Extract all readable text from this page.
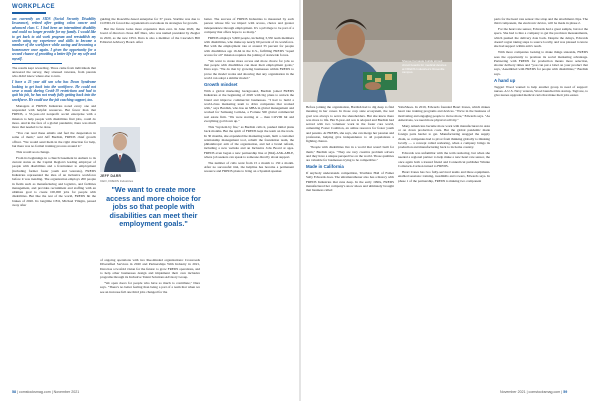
WORKPLACE

am currently an SIDS (Social Security Disability Insurance), retired after getting colon cancer and advanced class C. I had been an intermittent disability and could no longer provide for my family. I would like to get back to aid work program and reestablish my worth using my experience and skills to become a member of the workforce while saving and becoming a homeowner once again. I given the opportunity for a second chance of providing a better life for my wife and myself.

The results kept rewarding. Three came from individuals that answered the survey, they stressed veterans, from parents who didn't know where else to turn.

I have a 25 year old son who has Down Syndrome looking to get back into the workforce. He could not wear a mask during Covid-19 restrictions and had to quit his job, he has not ready fully getting back into the workforce. He could use the job coaching support, too.

Managers at FREDS Industries noted every one and responded with helpful resources. But fewer than that FREDS, a 55-year-old nonprofit social enterprise with a mission to help people with disabilities find jobs, could do more. And in the face of a global pandemic, there was much more that needed to be done.

"You can read these emails and feel the desperation in some of them," said Jeff Bardish, FREDS chief growth officer. "We would send them in the right direction for help, but there was no formal training process around it."

This would soon change.

From its beginnings in a church basement in Auburn to its current status as the Capital Region's leading employer of people with disabilities and a frontrunner to employment (including former foster youth and veterans), FREDS Industries represented the idea of an inclusive workforce before it was trending. The organization employs 200 people in fields such as manufacturing and logistics, and facilities management, and provides recruitment and staffing with an ultimate goal to create 100,000 jobs for people with disabilities. But like the rest of the world, FREDS hit the brakes of 2020. Its longtime CEO, Michael Ymigin, passed away after

guiding the Roseville-based enterprise for 37 years. Starbite was due to COVID-19 forced the organization's reevaluate its strategies for growth.

But the future looks more expansive than ever. In June 2020, the board of directors chose Jeff Dara, who was named president by Ziegler in 2020, as the new CEO. Dara is also a member of the Cascade's Bill Editorial Advisory Board. After

JEFF DARR
CEO, FREDS Industries
"We want to create more access and more choice for jobs so that people with disabilities can meet their employment goals."

of ongoing operations with two like-minded organizations: Crossroads Diversified Services in 2020 and Partnerships With Industry in 2021, Dara has a twofold vision for the future: to grow FREDS operations, and to help other businesses design and implement their own inclusive programs through its Inclusive Talent Solutions Advisory Group.

"We open doors for people who have so much to contribute," Dara says. "There's no better feeling than being a part of a team that when we see an increase full one third jobs changed for the

better. The success of FREDS Industries is measured by each person whose life we impact with access, choice and greater independence through employment. It's a privilege to be part of a company that offers hope to so many."

FREDS employs 5,600 people, including 3,350 team members with disabilities, who make up nearly 60 percent of its workforce. But with the employment rate at around 33 percent for people with disabilities age 16-64 in the U.S., fulfilling FREDS "equal access for all" mission requires the joining of statewide forces.

"We want to create more access and more choice for jobs so that people with disabilities can meet their employment goals," Dara says. "We do that by growing businesses within FREDS to prove the model works and showing that any organization in the world can adopt a similar model."

Growth mindset

With a global marketing background, Bardish joined FREDS Industries at the beginning of 2020 with big plans to unlock the brand and improve commercial businesses. "I had to build a world-class marketing team to drive companies that worked with," says Bardish, who has an MBA in global management and worked for Samsung LatinAs, a Fortune 500 global commercial real estate firm. "We were starting at ... then COVID hit and everything got blown up."

This "layolem by fire," as Bardish calls it, pushed initial plans back months. But the spirit of FREDS kept the team on the track. In 30 months, she expanded the marketing team, built a customer relationship management tool, rebuilt the foundation team, the philanthropic arm of the organization, and led a brand refresh, including a new website and an Inclusive Jobs Board at ages. FREDS even began a new partnership line at (844)-ASK-ABLE, where job seekers can speak to someone directly about support.

The number of calls went from 15 a month to 150 a month. After no successful trial, the helpline has become a permanent resource and FREDS plans to bring on a Spanish speaker.

Sheree Fernaste builds stimuli circuit boards for medical devices at FREDS Industries's Roseville campus.

Before joining the organization, Bardish had to dig deep to find meaning in her career. In those corp state ecosystem, the real goal was always to serve the shareholders. But she knew there was more to life. Her 8-year-old son is adopted and Bardish had served with two volunteer work in the foster care world, cementing Foster Coalition, an online resource for foster youth and parents. At FREDS, she says, she can merge her passion and profession, helping give independence to all populations a fighting chance.

"People with disabilities live in a world that wasn't built for them," Bardish says. "They are very creative problem solvers and they have a unique perspective on the world. Those qualities are valuable for businesses trying to be competitive."

Made in California

If anybody understands competition, Triathlon Hall of Famer Sally Edwards does. The ultramarathoner also has a history with FREDS Industries that runs deep. In the early 1990s, FREDS manufactured her company's snow shoes and ultimately brought that business called

YabaShoes. In 2019, Edwards founded Heart Zones, which makes heart rate training programs and devices. "We're in the business of motivating and engaging people to move more," Edwards says. "As Americans, we need more physical activity."

Many Americans became more work with manufacturers in Asia or on down production costs. But the global pandemic made foreign parts harder to get. Manufacturing snagged the supply chain, so companies had to pivot from thinking globally to thinking locally — a concept called reshoring, when a company brings its production and manufacturing back to its home country.

Edwards was unfamiliar with the term reshoring, but when she needed a regional partner to help make a new heart rate sensor, the once again both a trusted friend and Connecticut publisher Winnie Comstock-Carlson turned to FREDS.

Heart Zones has two fully-serviced teams and three equipment-enabled sessions: training, treadmills and rowers, Edwards says. In phase 1 of the partnership, FREDS is making two component

parts for the heart rate sensor: the strap and the attachment clips. The third component, the electronic device, will be made in phase 2.

For the heart rate sensor, Edwards had a great sample, but not the specs. She had to hire a company to get the precision measurements, which pushed the delivery date back. Despite the delays, Edwards doesn't regret taking steps to source locally, and was pleased to know she had support within arm's reach.

With more companies looking to make things stateside, FREDS sees the opportunity to promote its social marketing advantage. Partnering with FREDS for production means more selection, shorter delivery times and "you can put a label on your product that says, 'Assembled with FREDS for people with disabilities,'" Bardish says.

A hand up

Taggart Wood wanted to help another group in need of support: nurses. A U.S. Navy veteran, Wood launched his startup, TagCare, to give nurses upgraded medical carts that make their jobs easier.

58 | comstocksmag.com | November 2021	November 2021 | comstocksmag.com | 59
